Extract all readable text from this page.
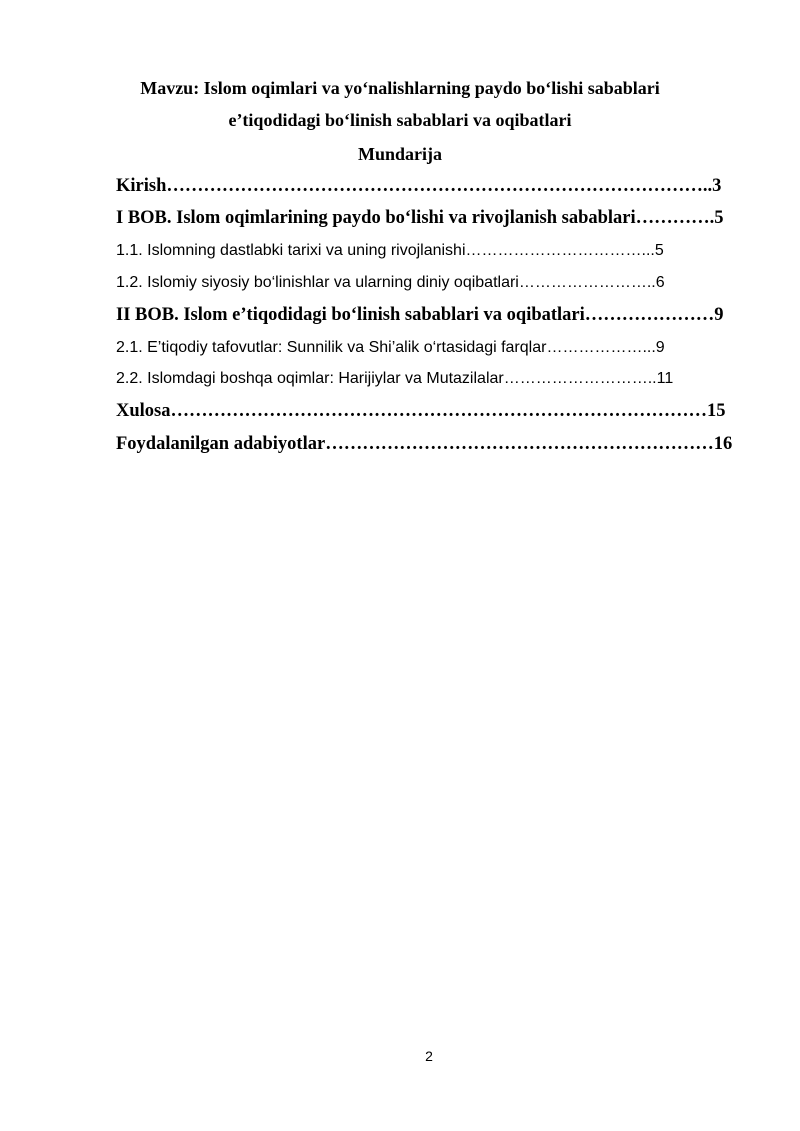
Mavzu: Islom oqimlari va yo‘nalishlarning paydo bo‘lishi sabablari
e’tiqodidagi bo‘linish sabablari va oqibatlari
Mundarija
Kirish……………………………………………………………………………..3
I BOB. Islom oqimlarining paydo bo‘lishi va rivojlanish sabablari………….5
1.1. Islomning dastlabki tarixi va uning rivojlanishi……………………………...5
1.2. Islomiy siyosiy bo‘linishlar va ularning diniy oqibatlari……………………..6
II BOB. Islom e’tiqodidagi bo‘linish sabablari va oqibatlari…………………9
2.1. E’tiqodiy tafovutlar: Sunnilik va Shi’alik o‘rtasidagi farqlar………………...9
2.2. Islomdagi boshqa oqimlar: Harijiylar va Mutazilalar………………………..11
Xulosa……………………………………………………………………………15
Foydalanilgan adabiyotlar………………………………………………………16
2
